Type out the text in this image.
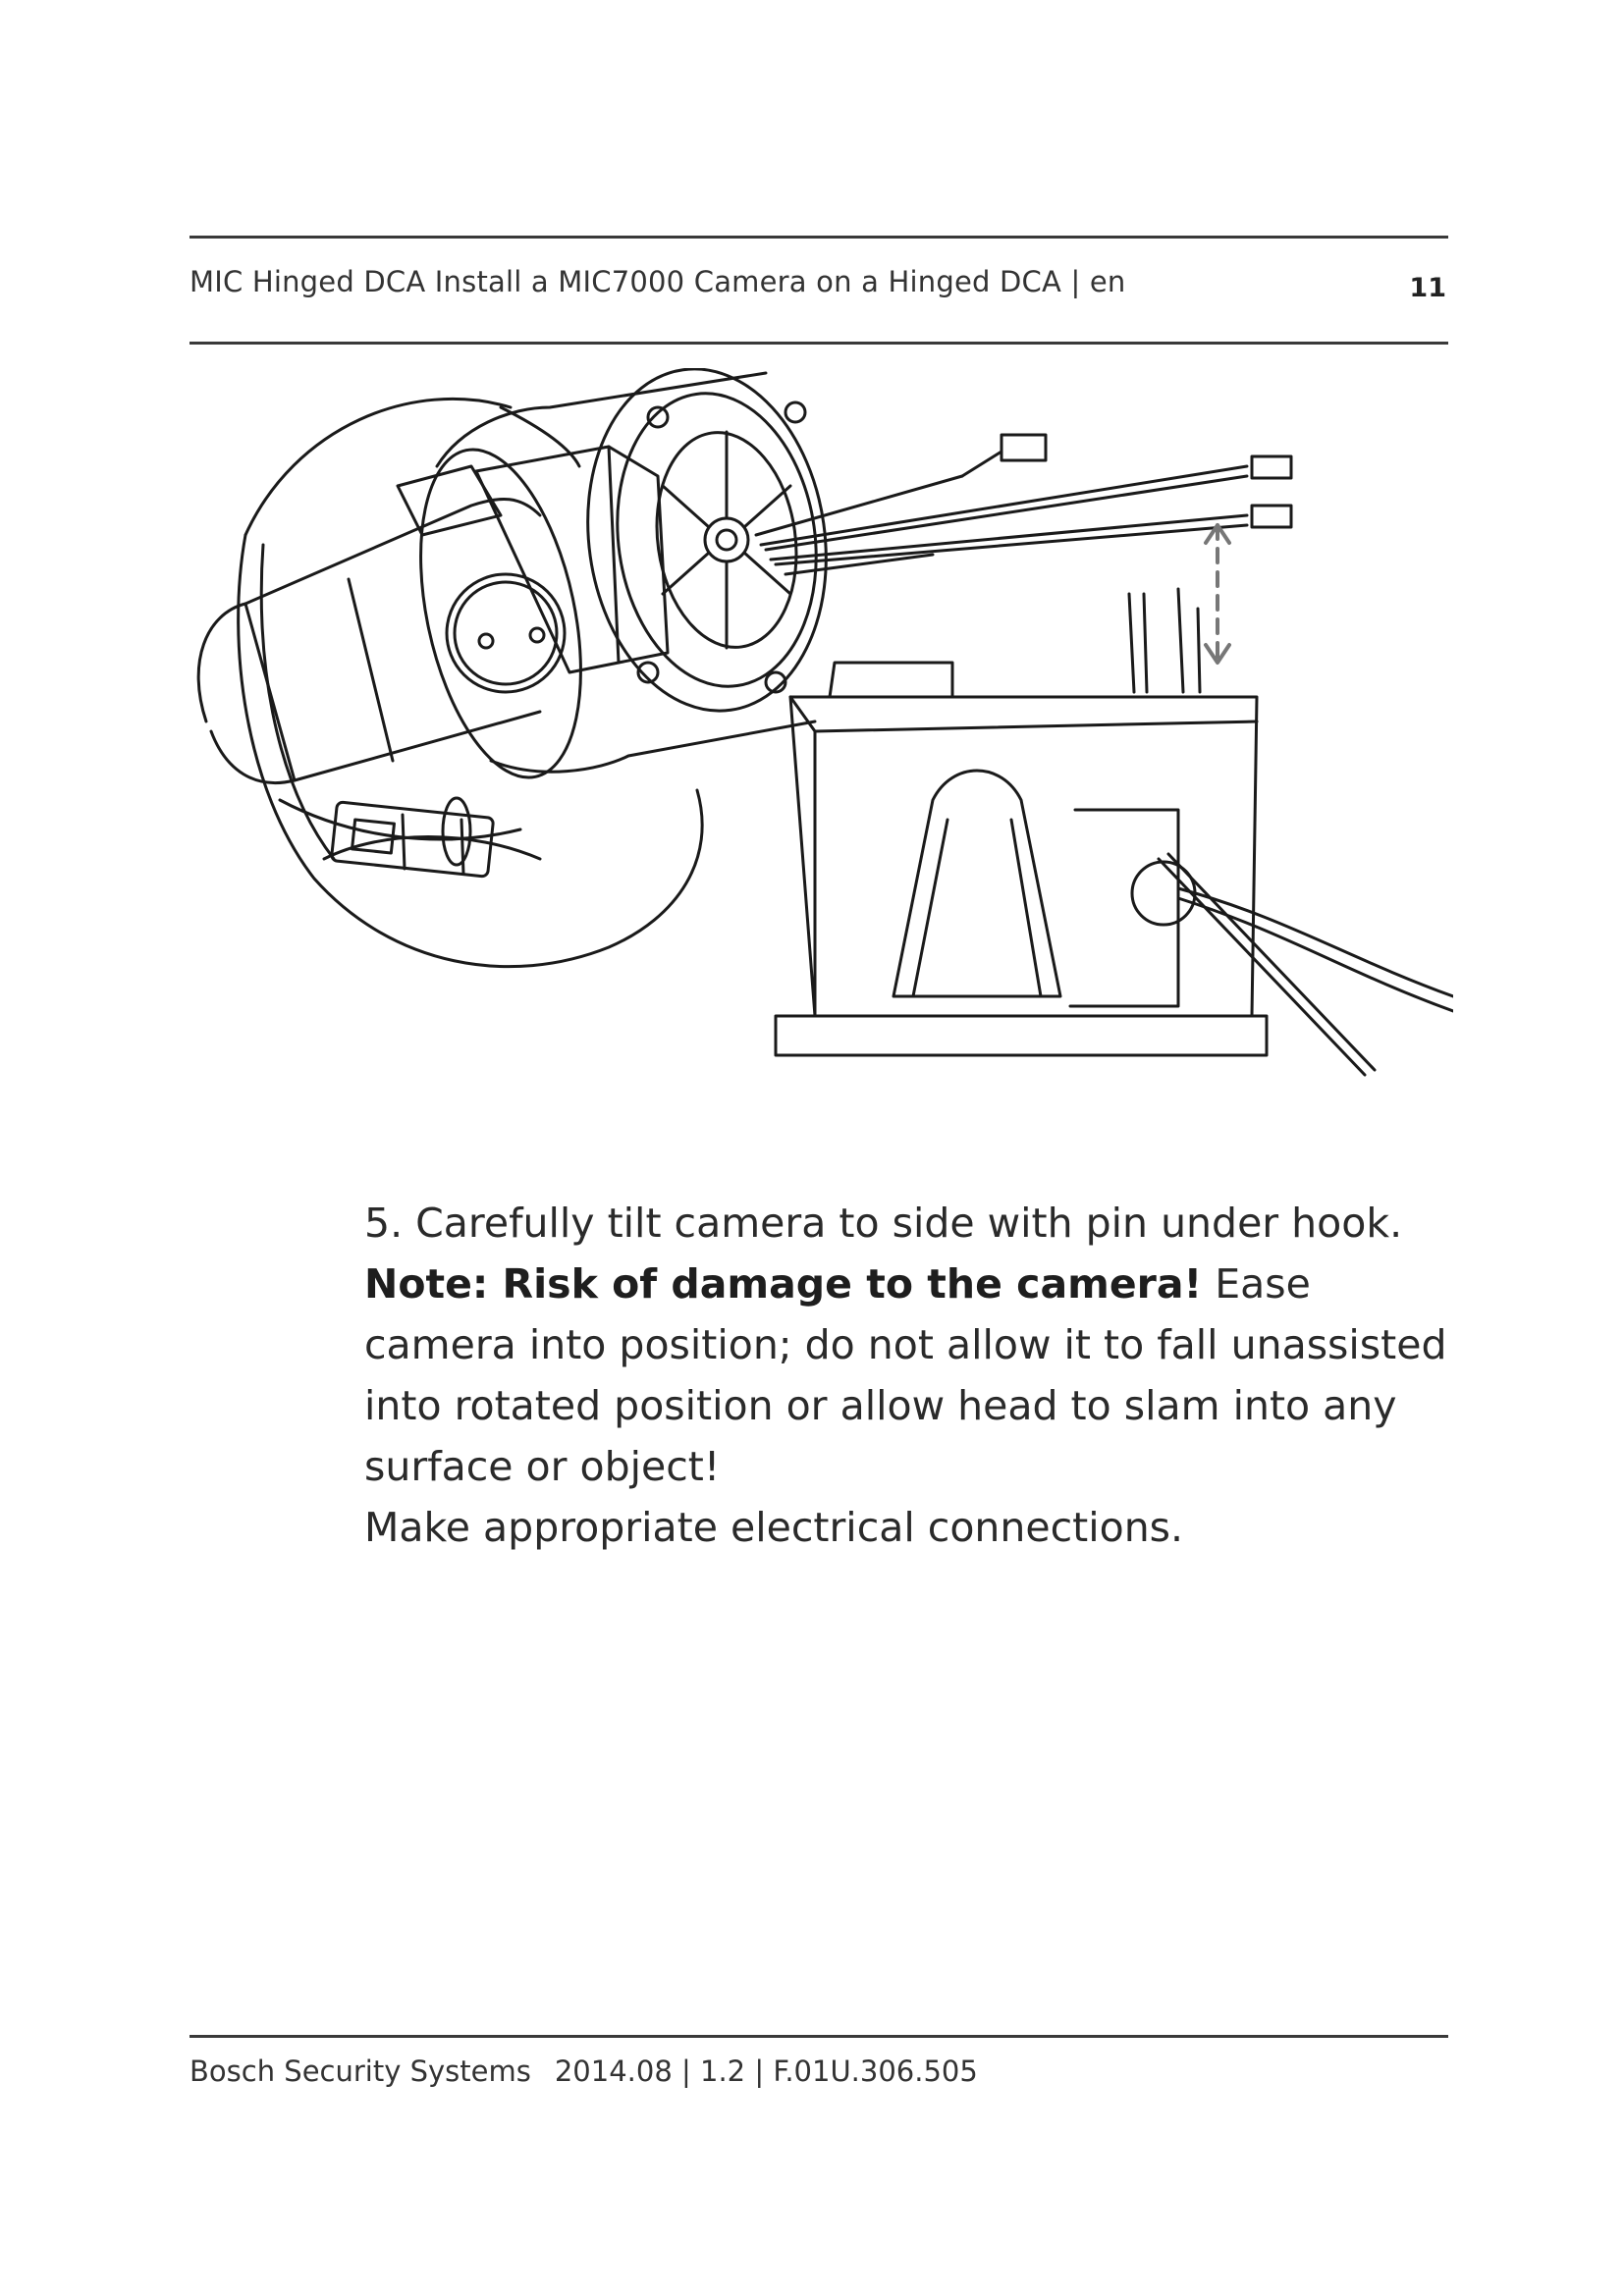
MIC Hinged DCA Install a MIC7000 Camera on a Hinged DCA | en	11

5. Carefully tilt camera to side with pin under hook.

Note: Risk of damage to the camera! Ease camera into position; do not allow it to fall unassisted into rotated position or allow head to slam into any surface or object!

Make appropriate electrical connections.

Bosch Security Systems 2014.08 | 1.2 | F.01U.306.505
